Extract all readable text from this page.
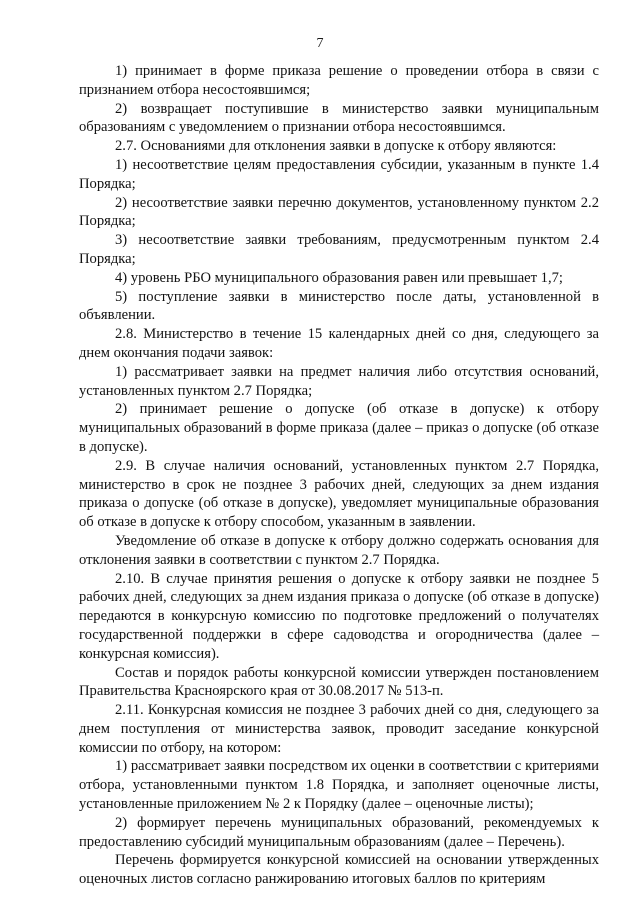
7

1) принимает в форме приказа решение о проведении отбора в связи с признанием отбора несостоявшимся;

2) возвращает поступившие в министерство заявки муниципальным образованиям с уведомлением о признании отбора несостоявшимся.

2.7. Основаниями для отклонения заявки в допуске к отбору являются:

1) несоответствие целям предоставления субсидии, указанным в пункте 1.4 Порядка;

2) несоответствие заявки перечню документов, установленному пунктом 2.2 Порядка;

3) несоответствие заявки требованиям, предусмотренным пунктом 2.4 Порядка;

4) уровень РБО муниципального образования равен или превышает 1,7;

5) поступление заявки в министерство после даты, установленной в объявлении.

2.8. Министерство в течение 15 календарных дней со дня, следующего за днем окончания подачи заявок:

1) рассматривает заявки на предмет наличия либо отсутствия оснований, установленных пунктом 2.7 Порядка;

2) принимает решение о допуске (об отказе в допуске) к отбору муниципальных образований в форме приказа (далее – приказ о допуске (об отказе в допуске).

2.9. В случае наличия оснований, установленных пунктом 2.7 Порядка, министерство в срок не позднее 3 рабочих дней, следующих за днем издания приказа о допуске (об отказе в допуске), уведомляет муниципальные образования об отказе в допуске к отбору способом, указанным в заявлении.

Уведомление об отказе в допуске к отбору должно содержать основания для отклонения заявки в соответствии с пунктом 2.7 Порядка.

2.10. В случае принятия решения о допуске к отбору заявки не позднее 5 рабочих дней, следующих за днем издания приказа о допуске (об отказе в допуске) передаются в конкурсную комиссию по подготовке предложений о получателях государственной поддержки в сфере садоводства и огородничества (далее – конкурсная комиссия).

Состав и порядок работы конкурсной комиссии утвержден постановлением Правительства Красноярского края от 30.08.2017 № 513-п.

2.11. Конкурсная комиссия не позднее 3 рабочих дней со дня, следующего за днем поступления от министерства заявок, проводит заседание конкурсной комиссии по отбору, на котором:

1) рассматривает заявки посредством их оценки в соответствии с критериями отбора, установленными пунктом 1.8 Порядка, и заполняет оценочные листы, установленные приложением № 2 к Порядку (далее – оценочные листы);

2) формирует перечень муниципальных образований, рекомендуемых к предоставлению субсидий муниципальным образованиям (далее – Перечень).

Перечень формируется конкурсной комиссией на основании утвержденных оценочных листов согласно ранжированию итоговых баллов по критериям
